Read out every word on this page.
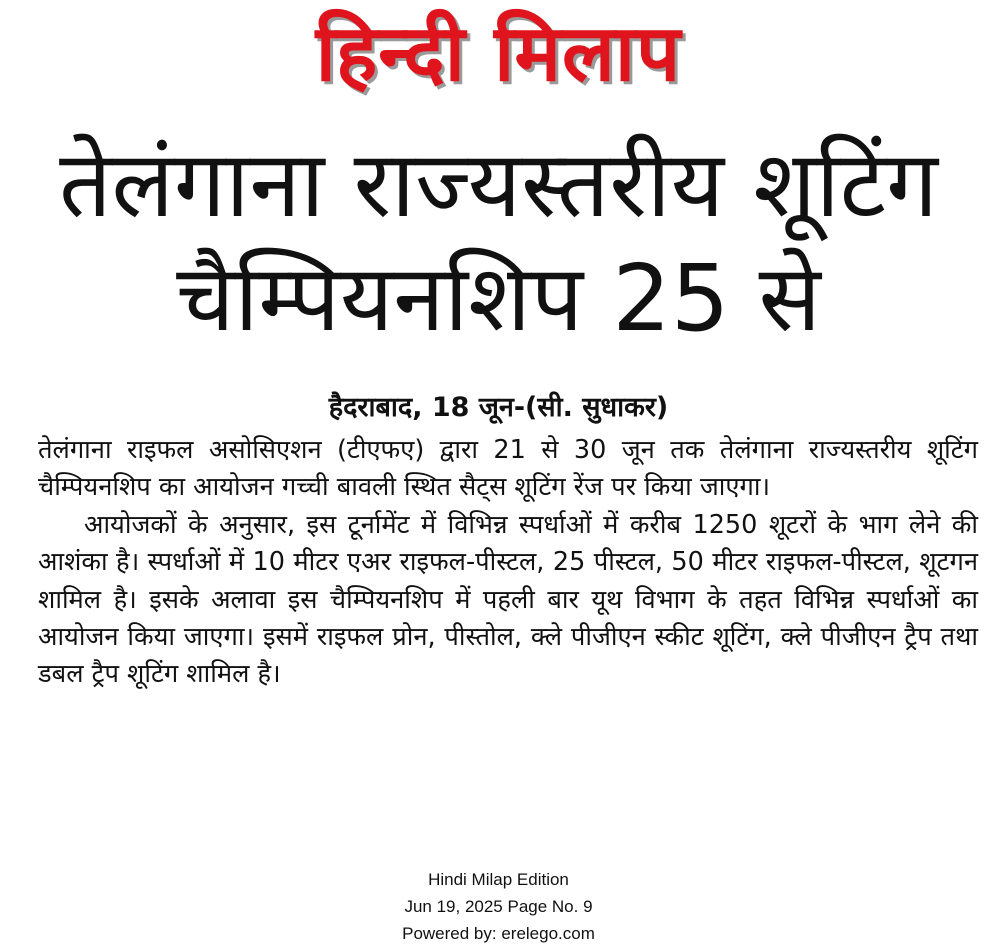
हिन्दी मिलाप
तेलंगाना राज्यस्तरीय शूटिंग
चैम्पियनशिप 25 से
हैदराबाद, 18 जून-(सी. सुधाकर)

तेलंगाना राइफल असोसिएशन (टीएफए) द्वारा 21 से 30 जून तक तेलंगाना राज्यस्तरीय शूटिंग चैम्पियनशिप का आयोजन गच्ची बावली स्थित सैट्स शूटिंग रेंज पर किया जाएगा।

आयोजकों के अनुसार, इस टूर्नामेंट में विभिन्न स्पर्धाओं में करीब 1250 शूटरों के भाग लेने की आशंका है। स्पर्धाओं में 10 मीटर एअर राइफल-पीस्टल, 25 पीस्टल, 50 मीटर राइफल-पीस्टल, शूटगन शामिल है। इसके अलावा इस चैम्पियनशिप में पहली बार यूथ विभाग के तहत विभिन्न स्पर्धाओं का आयोजन किया जाएगा। इसमें राइफल प्रोन, पीस्तोल, क्ले पीजीएन स्कीट शूटिंग, क्ले पीजीएन ट्रैप तथा डबल ट्रैप शूटिंग शामिल है।

Hindi Milap Edition
Jun 19, 2025 Page No. 9
Powered by: erelego.com
